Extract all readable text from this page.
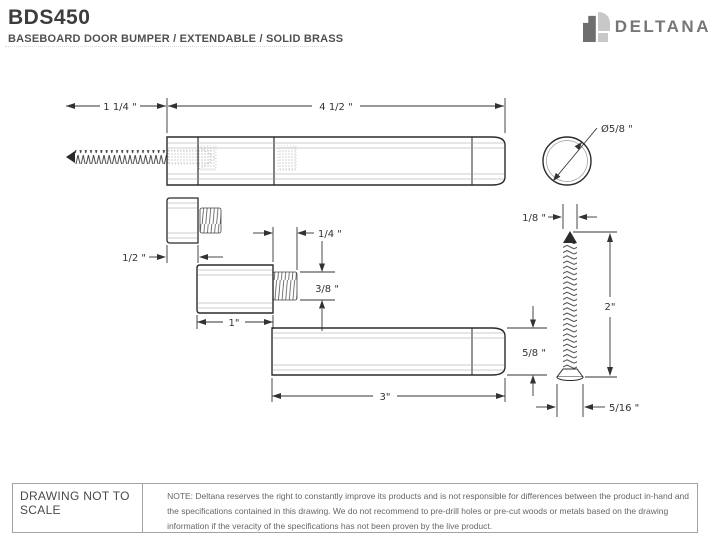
BDS450
BASEBOARD DOOR BUMPER / EXTENDABLE / SOLID BRASS
DELTANA
1 1/4 "	4 1/2 "
Ø5/8 "
1/2 "
1/4 "
3/8 "
1"
3"
5/8 "
1/8 "
2"
5/16 "
DRAWING NOT TO SCALE
NOTE: Deltana reserves the right to constantly improve its products and is not responsible for differences between the product in-hand and
the specifications contained in this drawing. We do not recommend to pre-drill holes or pre-cut woods or metals based on the drawing
information if the veracity of the specifications has not been proven by the live product.
